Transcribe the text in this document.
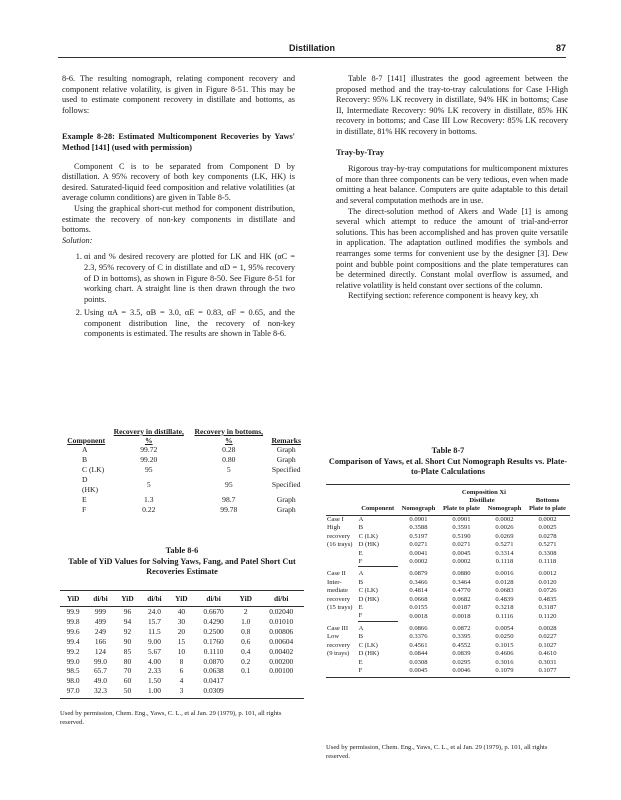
Distillation	87

8-6. The resulting nomograph, relating component recovery and component relative volatility, is given in Figure 8-51. This may be used to estimate component recovery in distillate and bottoms, as follows:

Example 8-28: Estimated Multicomponent Recoveries by Yaws' Method [141] (used with permission)

Component C is to be separated from Component D by distillation. A 95% recovery of both key components (LK, HK) is desired. Saturated-liquid feed composition and relative volatilities (at average column conditions) are given in Table 8-5.

Using the graphical short-cut method for component distribution, estimate the recovery of non-key components in distillate and bottoms.

Solution:

1. αi and % desired recovery are plotted for LK and HK (αC = 2.3, 95% recovery of C in distillate and αD = 1, 95% recovery of D in bottoms), as shown in Figure 8-50. See Figure 8-51 for working chart. A straight line is then drawn through the two points.
2. Using αA = 3.5, αB = 3.0, αE = 0.83, αF = 0.65, and the component distribution line, the recovery of non-key components is estimated. The results are shown in Table 8-6.

Table 8-7 [141] illustrates the good agreement between the proposed method and the tray-to-tray calculations for Case I-High Recovery: 95% LK recovery in distillate, 94% HK in bottoms; Case II, Intermediate Recovery: 90% LK recovery in distillate, 85% HK recovery in bottoms; and Case III Low Recovery: 85% LK recovery in distillate, 81% HK recovery in bottoms.

Tray-by-Tray

Rigorous tray-by-tray computations for multicomponent mixtures of more than three components can be very tedious, even when made omitting a heat balance. Computers are quite adaptable to this detail and several computation methods are in use.

The direct-solution method of Akers and Wade [1] is among several which attempt to reduce the amount of trial-and-error solutions. This has been accomplished and has proven quite versatile in application. The adaptation outlined modifies the symbols and rearranges some terms for convenient use by the designer [3]. Dew point and bubble point compositions and the plate temperatures can be determined directly. Constant molal overflow is assumed, and relative volatility is held constant over sections of the column.

Rectifying section: reference component is heavy key, xh

Component	Recovery in distillate, %	Recovery in bottoms, %	Remarks
A	99.72	0.28	Graph
B	99.20	0.80	Graph
C (LK)	95	5	Specified
D (HK)	5	95	Specified
E	1.3	98.7	Graph
F	0.22	99.78	Graph
Table 8-6
Table of YiD Values for Solving Yaws, Fang, and Patel Short Cut Recoveries Estimate
YiD	di/bi	YiD	di/bi	YiD	di/bi	YiD	di/bi
99.9	999	96	24.0	40	0.6670	2	0.02040
99.8	499	94	15.7	30	0.4290	1.0	0.01010
99.6	249	92	11.5	20	0.2500	0.8	0.00806
99.4	166	90	9.00	15	0.1760	0.6	0.00604
99.2	124	85	5.67	10	0.1110	0.4	0.00402
99.0	99.0	80	4.00	8	0.0870	0.2	0.00200
98.5	65.7	70	2.33	6	0.0638	0.1	0.00100
98.0	49.0	60	1.50	4	0.0417		
97.0	32.3	50	1.00	3	0.0309		
Used by permission, Chem. Eng., Yaws, C. L., et al Jan. 29 (1979), p. 101, all rights reserved.
Table 8-7
Comparison of Yaws, et al. Short Cut Nomograph Results vs. Plate-to-Plate Calculations

		Composition Xi			
			Distillate		Bottoms
	Component	Nomograph	Plate to plate	Nomograph	Plate to plate
Case I	A	0.0901	0.0901	0.0002	0.0002
High	B	0.3588	0.3591	0.0026	0.0025
recovery	C (LK)	0.5197	0.5190	0.0269	0.0278
(16 trays)	D (HK)	0.0271	0.0271	0.5271	0.5271
	E	0.0041	0.0045	0.3314	0.3308
	F	0.0002	0.0002	0.1118	0.1118
Case II	A	0.0879	0.0880	0.0016	0.0012
Inter-	B	0.3466	0.3464	0.0128	0.0120
mediate	C (LK)	0.4814	0.4770	0.0683	0.0726
recovery	D (HK)	0.0668	0.0682	0.4839	0.4835
(15 trays)	E	0.0155	0.0187	0.3218	0.3187
	F	0.0018	0.0018	0.1116	0.1120
Case III	A	0.0866	0.0872	0.0054	0.0028
Low	B	0.3376	0.3395	0.0250	0.0227
recovery	C (LK)	0.4561	0.4552	0.1015	0.1027
(9 trays)	D (HK)	0.0844	0.0839	0.4606	0.4610
	E	0.0308	0.0295	0.3016	0.3031
	F	0.0045	0.0046	0.1079	0.1077
Used by permission, Chem. Eng., Yaws, C. L., et al Jan. 29 (1979), p. 101, all rights reserved.
